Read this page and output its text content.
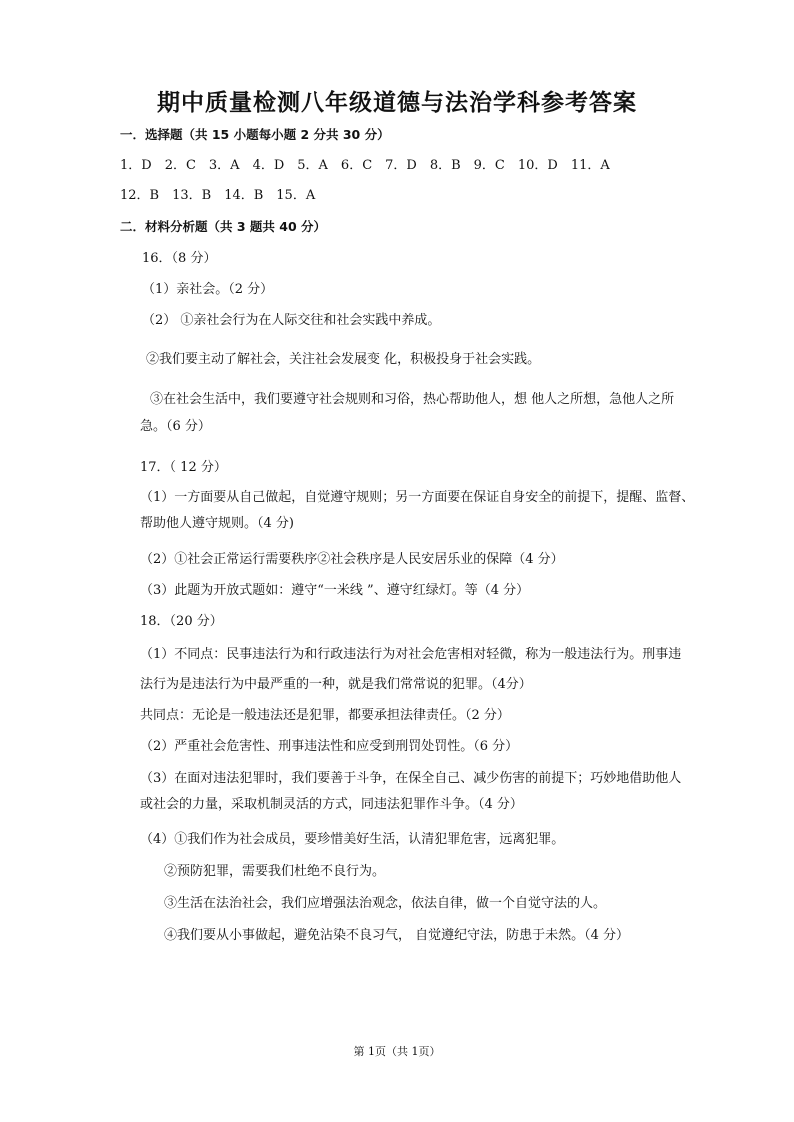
期中质量检测八年级道德与法治学科参考答案
一．选择题（共 15 小题每小题 2 分共 30 分）
1．D　2．C　3．A　4．D　5．A　6．C　7．D　8．B　9．C　10．D　11．A
12．B　13．B　14．B　15．A
二．材料分析题（共 3 题共 40 分）
16．（8 分）
（1）亲社会。（2 分）
（2） ①亲社会行为在人际交往和社会实践中养成。
②我们要主动了解社会，关注社会发展变 化，积极投身于社会实践。
③在社会生活中，我们要遵守社会规则和习俗，热心帮助他人，想 他人之所想，急他人之所
急。（6 分）
17．（ 12 分）
（1）一方面要从自己做起，自觉遵守规则；另一方面要在保证自身安全的前提下，提醒、监督、
帮助他人遵守规则。（4 分)
（2）①社会正常运行需要秩序②社会秩序是人民安居乐业的保障（4 分）
（3）此题为开放式题如：遵守“一米线 ”、遵守红绿灯。等（4 分）
18．（20 分）
（1）不同点：民事违法行为和行政违法行为对社会危害相对轻微，称为一般违法行为。刑事违
法行为是违法行为中最严重的一种，就是我们常常说的犯罪。（4分）
共同点：无论是一般违法还是犯罪，都要承担法律责任。（2 分）
（2）严重社会危害性、刑事违法性和应受到刑罚处罚性。（6 分）
（3）在面对违法犯罪时，我们要善于斗争，在保全自己、减少伤害的前提下；巧妙地借助他人
或社会的力量，采取机制灵活的方式，同违法犯罪作斗争。（4 分）
（4）①我们作为社会成员，要珍惜美好生活，认清犯罪危害，远离犯罪。
②预防犯罪，需要我们杜绝不良行为。
③生活在法治社会，我们应增强法治观念，依法自律，做一个自觉守法的人。
④我们要从小事做起，避免沾染不良习气， 自觉遵纪守法，防患于未然。（4 分）
第 1页（共 1页）
